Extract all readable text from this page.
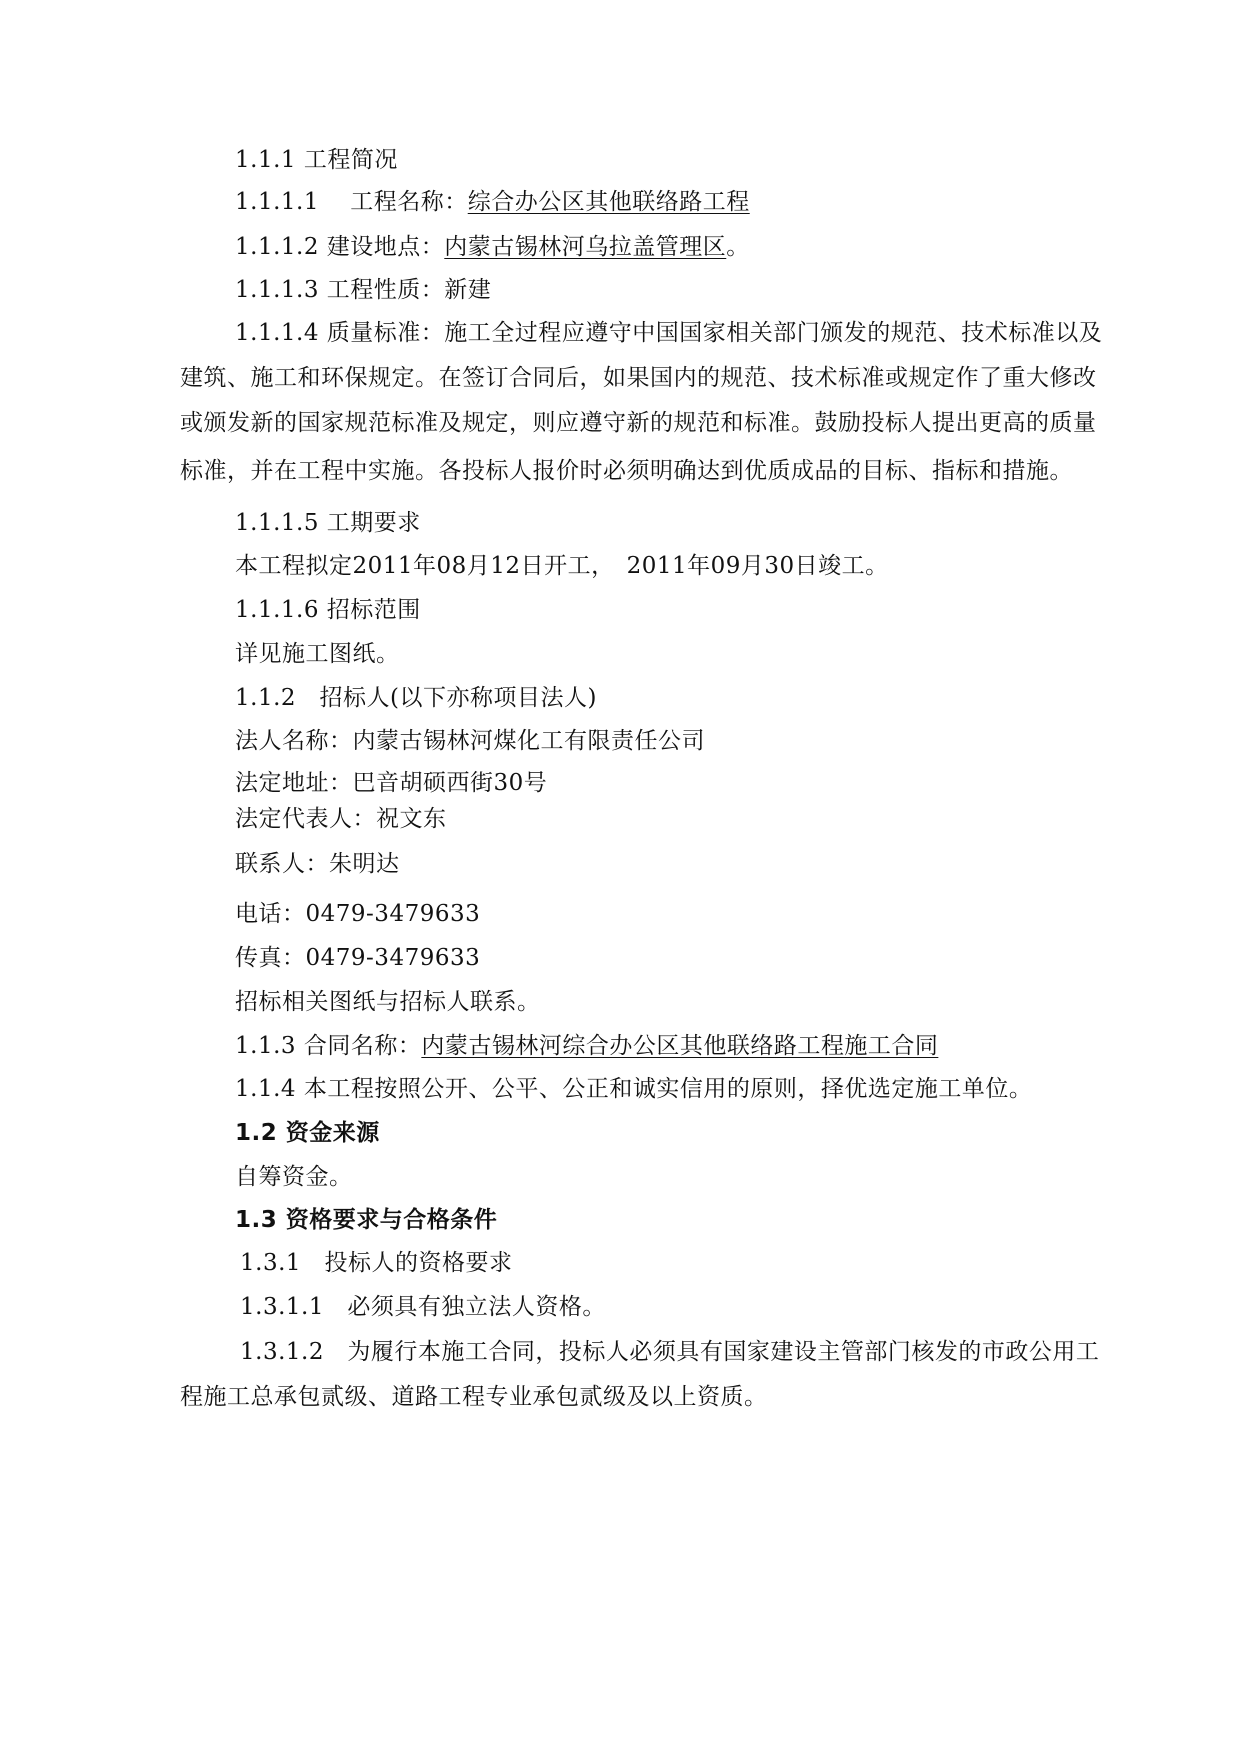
1.1.1 工程简况
1.1.1.1 工程名称：综合办公区其他联络路工程
1.1.1.2 建设地点：内蒙古锡林河乌拉盖管理区。
1.1.1.3 工程性质：新建
1.1.1.4 质量标准：施工全过程应遵守中国国家相关部门颁发的规范、技术标准以及
建筑、施工和环保规定。在签订合同后，如果国内的规范、技术标准或规定作了重大修改
或颁发新的国家规范标准及规定，则应遵守新的规范和标准。鼓励投标人提出更高的质量
标准，并在工程中实施。各投标人报价时必须明确达到优质成品的目标、指标和措施。
1.1.1.5 工期要求
本工程拟定2011年08月12日开工，　2011年09月30日竣工。
1.1.1.6 招标范围
详见施工图纸。
1.1.2 招标人(以下亦称项目法人)
法人名称：内蒙古锡林河煤化工有限责任公司
法定地址：巴音胡硕西街30号
法定代表人：祝文东
联系人：朱明达
电话：0479-3479633
传真：0479-3479633
招标相关图纸与招标人联系。
1.1.3 合同名称：内蒙古锡林河综合办公区其他联络路工程施工合同
1.1.4 本工程按照公开、公平、公正和诚实信用的原则，择优选定施工单位。
1.2 资金来源
自筹资金。
1.3 资格要求与合格条件
1.3.1 投标人的资格要求
1.3.1.1 必须具有独立法人资格。
1.3.1.2 为履行本施工合同，投标人必须具有国家建设主管部门核发的市政公用工
程施工总承包贰级、道路工程专业承包贰级及以上资质。
